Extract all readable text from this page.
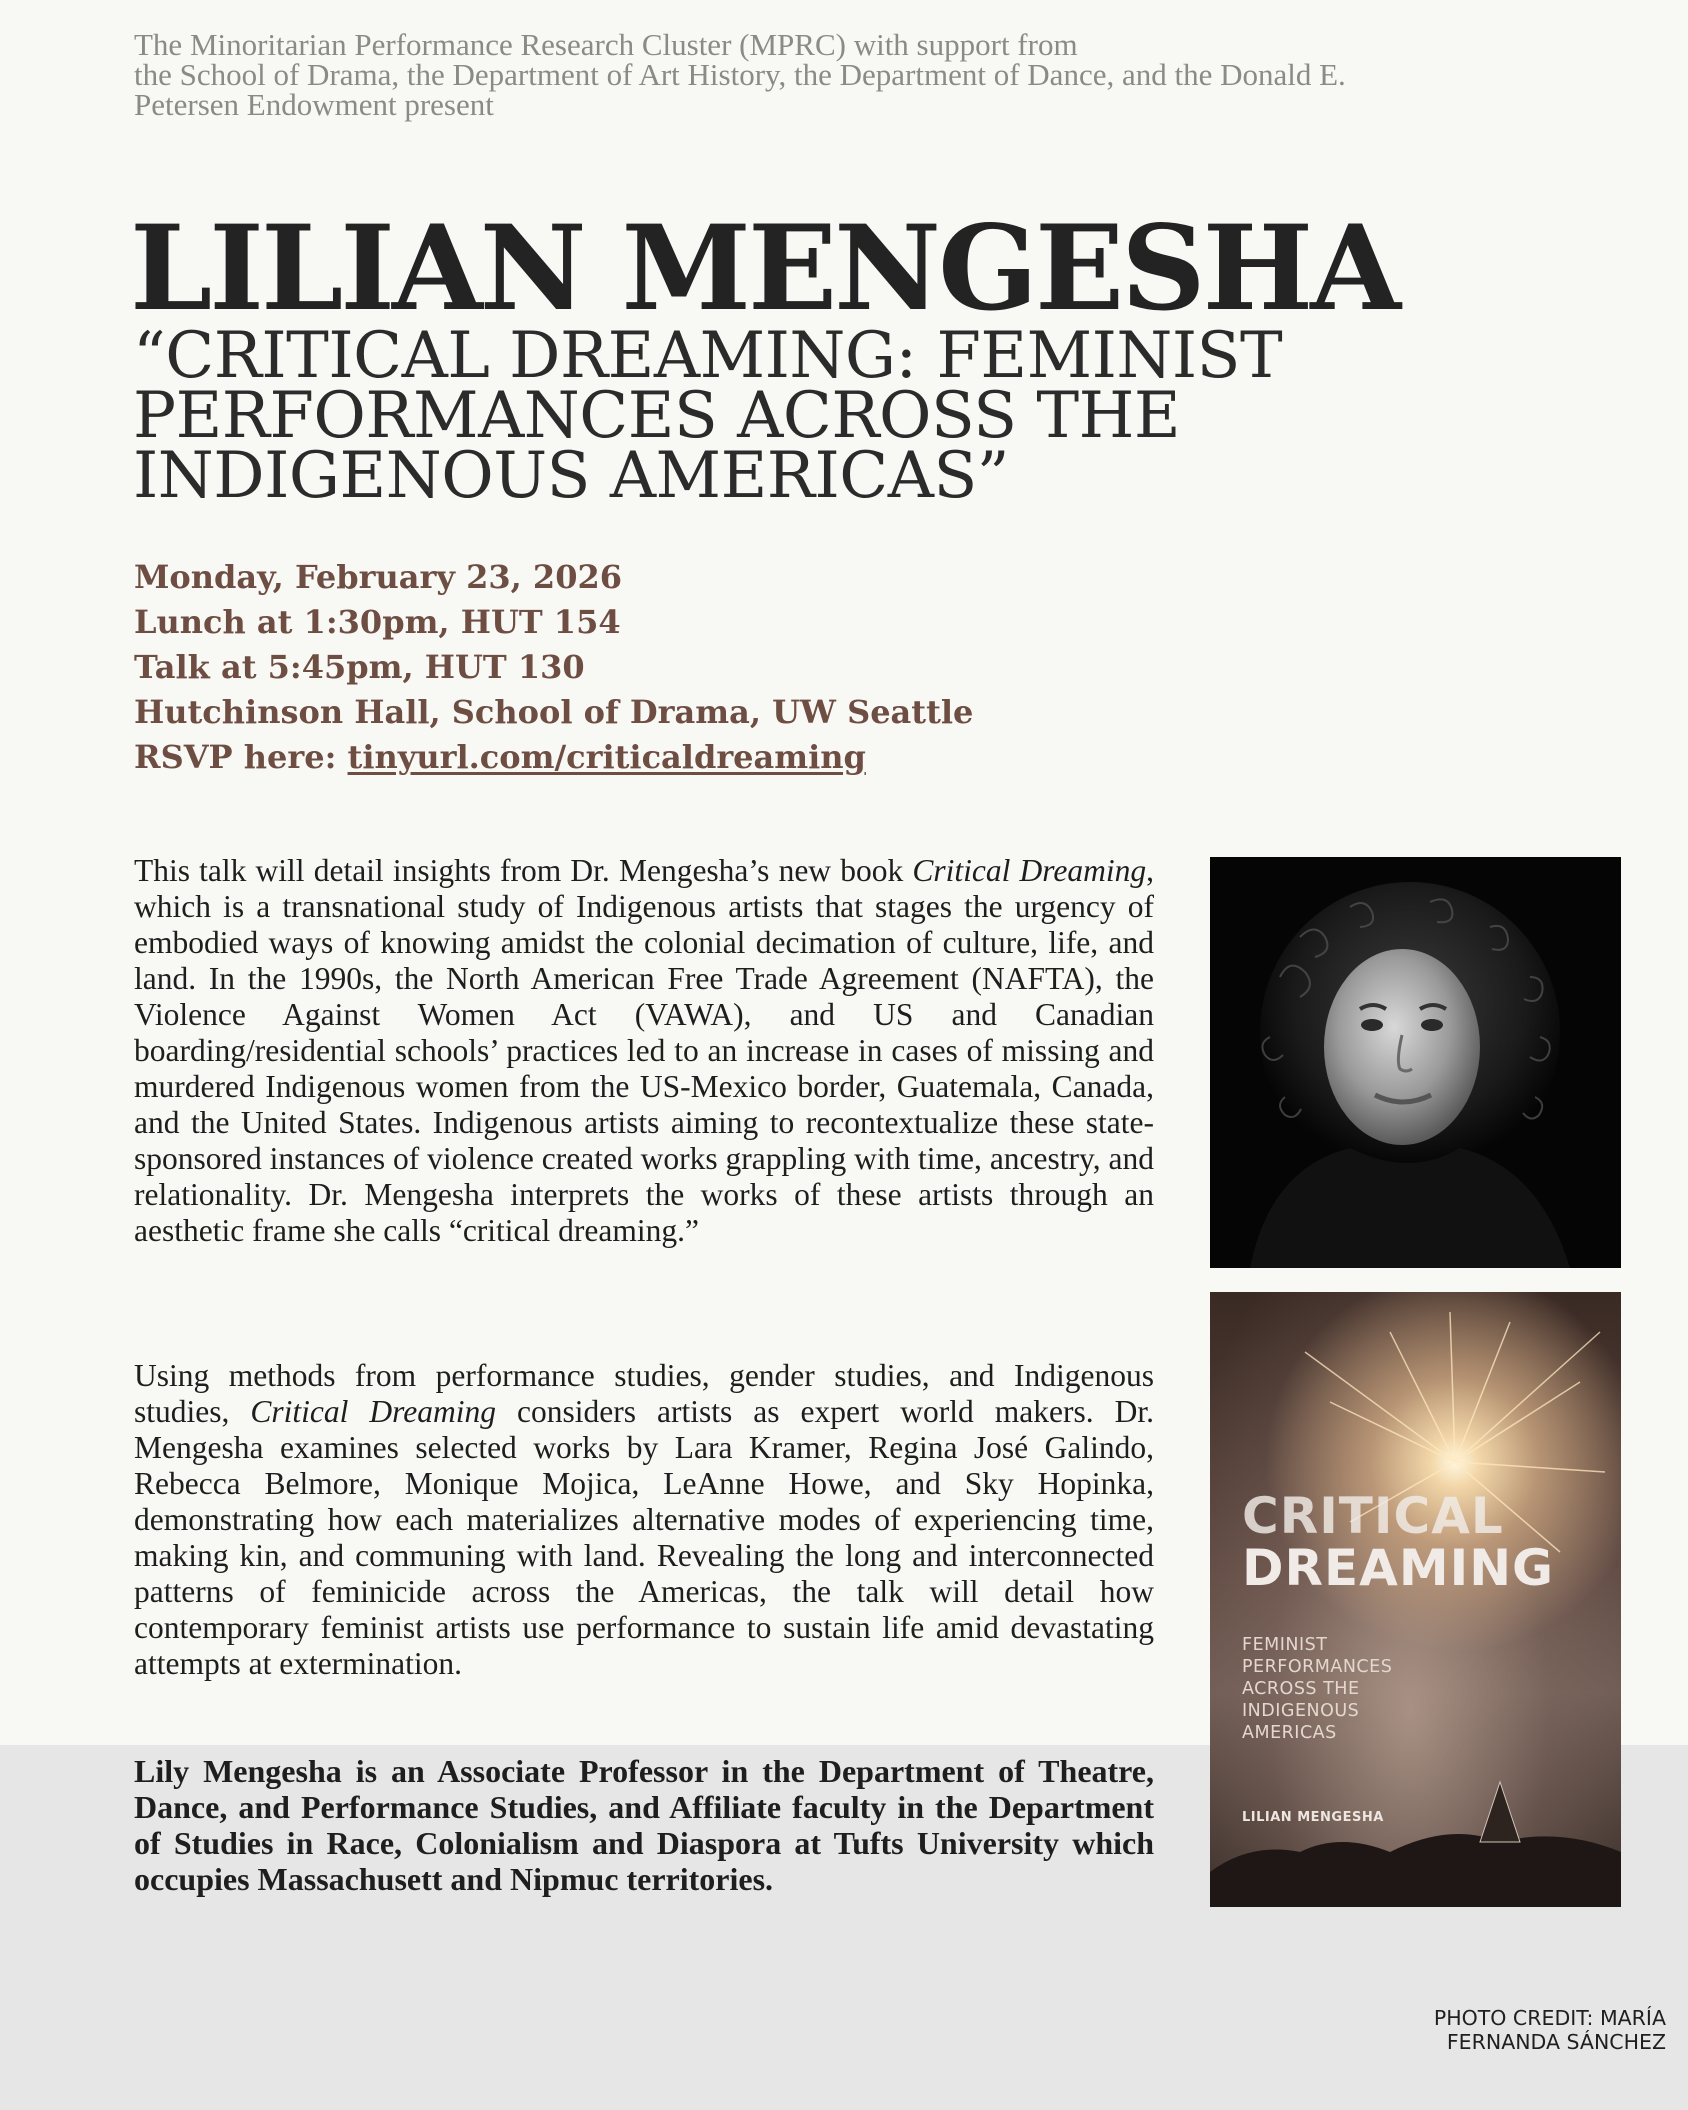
The Minoritarian Performance Research Cluster (MPRC) with support from
the School of Drama, the Department of Art History, the Department of Dance, and the Donald E.
Petersen Endowment present
LILIAN MENGESHA
“CRITICAL DREAMING: FEMINIST
PERFORMANCES ACROSS THE
INDIGENOUS AMERICAS”
Monday, February 23, 2026
Lunch at 1:30pm, HUT 154
Talk at 5:45pm, HUT 130
Hutchinson Hall, School of Drama, UW Seattle
RSVP here: tinyurl.com/criticaldreaming

This talk will detail insights from Dr. Mengesha’s new book Critical Dreaming, which is a transnational study of Indigenous artists that stages the urgency of embodied ways of knowing amidst the colonial decimation of culture, life, and land. In the 1990s, the North American Free Trade Agreement (NAFTA), the Violence Against Women Act (VAWA), and US and Canadian boarding/residential schools’ practices led to an increase in cases of missing and murdered Indigenous women from the US-Mexico border, Guatemala, Canada, and the United States. Indigenous artists aiming to recontextualize these state-sponsored instances of violence created works grappling with time, ancestry, and relationality. Dr. Mengesha interprets the works of these artists through an aesthetic frame she calls “critical dreaming.”

Using methods from performance studies, gender studies, and Indigenous studies, Critical Dreaming considers artists as expert world makers. Dr. Mengesha examines selected works by Lara Kramer, Regina José Galindo, Rebecca Belmore, Monique Mojica, LeAnne Howe, and Sky Hopinka, demonstrating how each materializes alternative modes of experiencing time, making kin, and communing with land. Revealing the long and interconnected patterns of feminicide across the Americas, the talk will detail how contemporary feminist artists use performance to sustain life amid devastating attempts at extermination.

Lily Mengesha is an Associate Professor in the Department of Theatre, Dance, and Performance Studies, and Affiliate faculty in the Department of Studies in Race, Colonialism and Diaspora at Tufts University which occupies Massachusett and Nipmuc territories.
CRITICAL
DREAMING
FEMINIST
PERFORMANCES
ACROSS THE
INDIGENOUS
AMERICAS
LILIAN MENGESHA
PHOTO CREDIT: MARÍA
FERNANDA SÁNCHEZ
